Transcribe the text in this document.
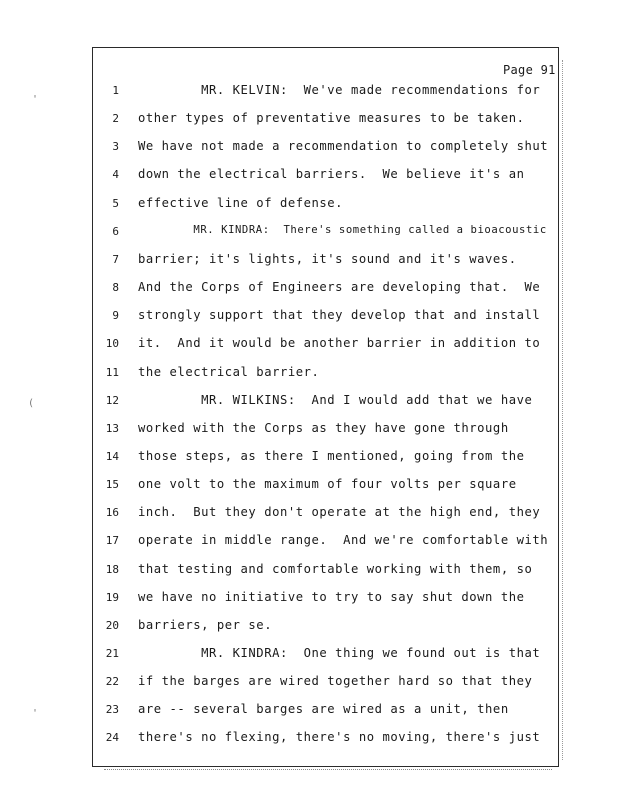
'
(
'
Page 91
1 MR. KELVIN:  We've made recommendations for
2 other types of preventative measures to be taken.
3 We have not made a recommendation to completely shut
4 down the electrical barriers.  We believe it's an
5 effective line of defense.
6 MR. KINDRA:  There's something called a bioacoustic
7 barrier; it's lights, it's sound and it's waves.
8 And the Corps of Engineers are developing that.  We
9 strongly support that they develop that and install
10 it.  And it would be another barrier in addition to
11 the electrical barrier.
12 MR. WILKINS:  And I would add that we have
13 worked with the Corps as they have gone through
14 those steps, as there I mentioned, going from the
15 one volt to the maximum of four volts per square
16 inch.  But they don't operate at the high end, they
17 operate in middle range.  And we're comfortable with
18 that testing and comfortable working with them, so
19 we have no initiative to try to say shut down the
20 barriers, per se.
21 MR. KINDRA:  One thing we found out is that
22 if the barges are wired together hard so that they
23 are -- several barges are wired as a unit, then
24 there's no flexing, there's no moving, there's just
